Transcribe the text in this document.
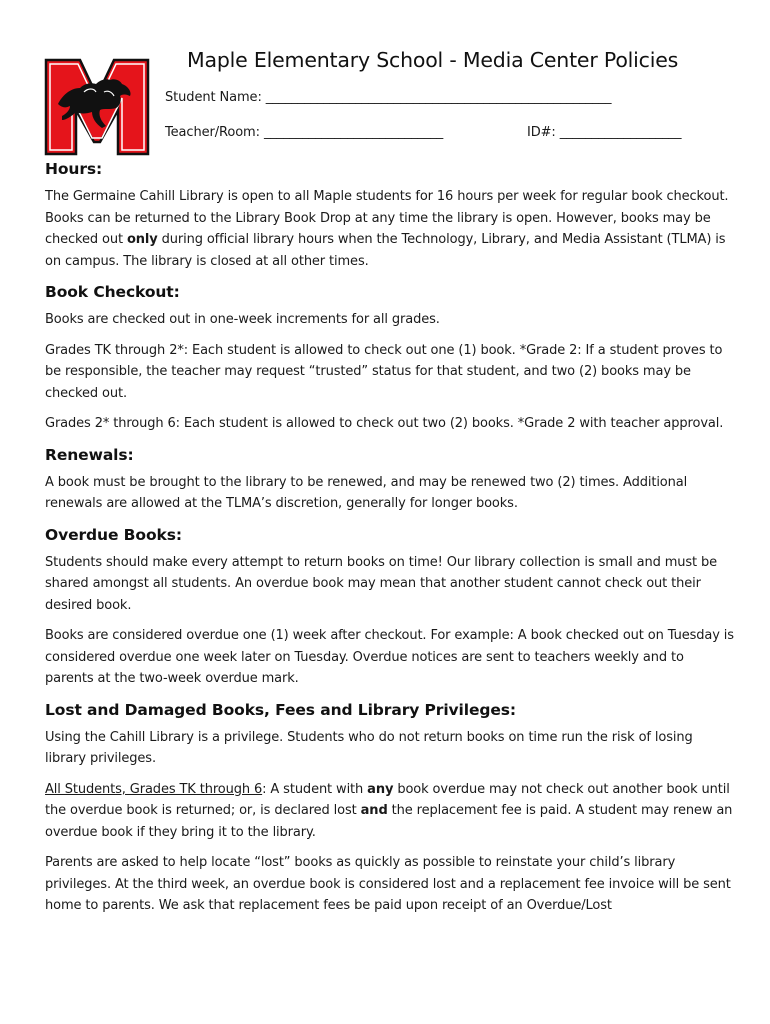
Maple Elementary School - Media Center Policies
Student Name: ______________________________________________________
Teacher/Room: ____________________________	ID#: ___________________
Hours:

The Germaine Cahill Library is open to all Maple students for 16 hours per week for regular book checkout. Books can be returned to the Library Book Drop at any time the library is open. However, books may be checked out only during official library hours when the Technology, Library, and Media Assistant (TLMA) is on campus. The library is closed at all other times.

Book Checkout:

Books are checked out in one-week increments for all grades.

Grades TK through 2*: Each student is allowed to check out one (1) book. *Grade 2: If a student proves to be responsible, the teacher may request “trusted” status for that student, and two (2) books may be checked out.

Grades 2* through 6: Each student is allowed to check out two (2) books. *Grade 2 with teacher approval.

Renewals:

A book must be brought to the library to be renewed, and may be renewed two (2) times. Additional renewals are allowed at the TLMA’s discretion, generally for longer books.

Overdue Books:

Students should make every attempt to return books on time! Our library collection is small and must be shared amongst all students. An overdue book may mean that another student cannot check out their desired book.

Books are considered overdue one (1) week after checkout. For example: A book checked out on Tuesday is considered overdue one week later on Tuesday. Overdue notices are sent to teachers weekly and to parents at the two-week overdue mark.

Lost and Damaged Books, Fees and Library Privileges:

Using the Cahill Library is a privilege. Students who do not return books on time run the risk of losing library privileges.

All Students, Grades TK through 6: A student with any book overdue may not check out another book until the overdue book is returned; or, is declared lost and the replacement fee is paid. A student may renew an overdue book if they bring it to the library.

Parents are asked to help locate “lost” books as quickly as possible to reinstate your child’s library privileges. At the third week, an overdue book is considered lost and a replacement fee invoice will be sent home to parents. We ask that replacement fees be paid upon receipt of an Overdue/Lost
